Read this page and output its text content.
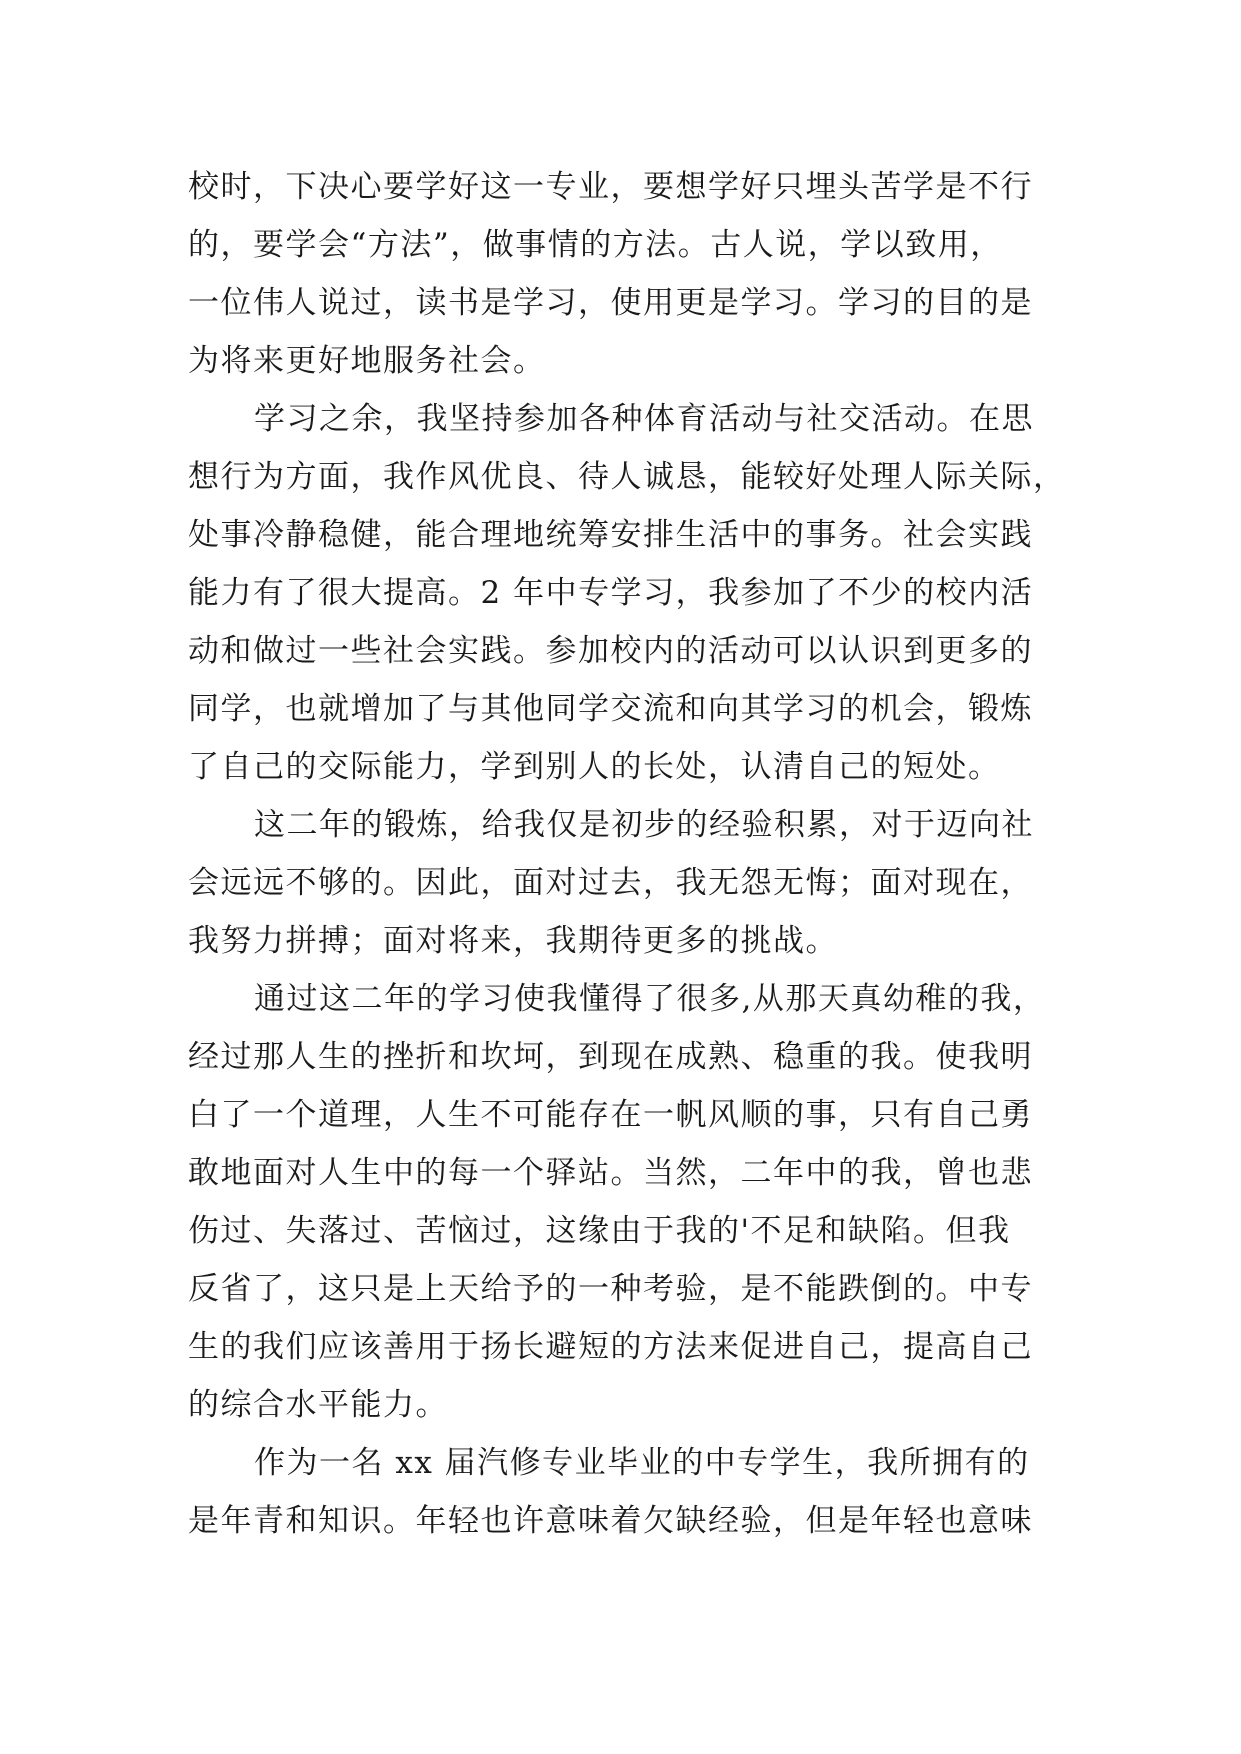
校时，下决心要学好这一专业，要想学好只埋头苦学是不行
的，要学会“方法”，做事情的方法。古人说，学以致用，
一位伟人说过，读书是学习，使用更是学习。学习的目的是
为将来更好地服务社会。
学习之余，我坚持参加各种体育活动与社交活动。在思
想行为方面，我作风优良、待人诚恳，能较好处理人际关际，
处事冷静稳健，能合理地统筹安排生活中的事务。社会实践
能力有了很大提高。2 年中专学习，我参加了不少的校内活
动和做过一些社会实践。参加校内的活动可以认识到更多的
同学，也就增加了与其他同学交流和向其学习的机会，锻炼
了自己的交际能力，学到别人的长处，认清自己的短处。
这二年的锻炼，给我仅是初步的经验积累，对于迈向社
会远远不够的。因此，面对过去，我无怨无悔；面对现在，
我努力拼搏；面对将来，我期待更多的挑战。
通过这二年的学习使我懂得了很多,从那天真幼稚的我，
经过那人生的挫折和坎坷，到现在成熟、稳重的我。使我明
白了一个道理，人生不可能存在一帆风顺的事，只有自己勇
敢地面对人生中的每一个驿站。当然，二年中的我，曾也悲
伤过、失落过、苦恼过，这缘由于我的'不足和缺陷。但我
反省了，这只是上天给予的一种考验，是不能跌倒的。中专
生的我们应该善用于扬长避短的方法来促进自己，提高自己
的综合水平能力。
作为一名 xx 届汽修专业毕业的中专学生，我所拥有的
是年青和知识。年轻也许意味着欠缺经验，但是年轻也意味
